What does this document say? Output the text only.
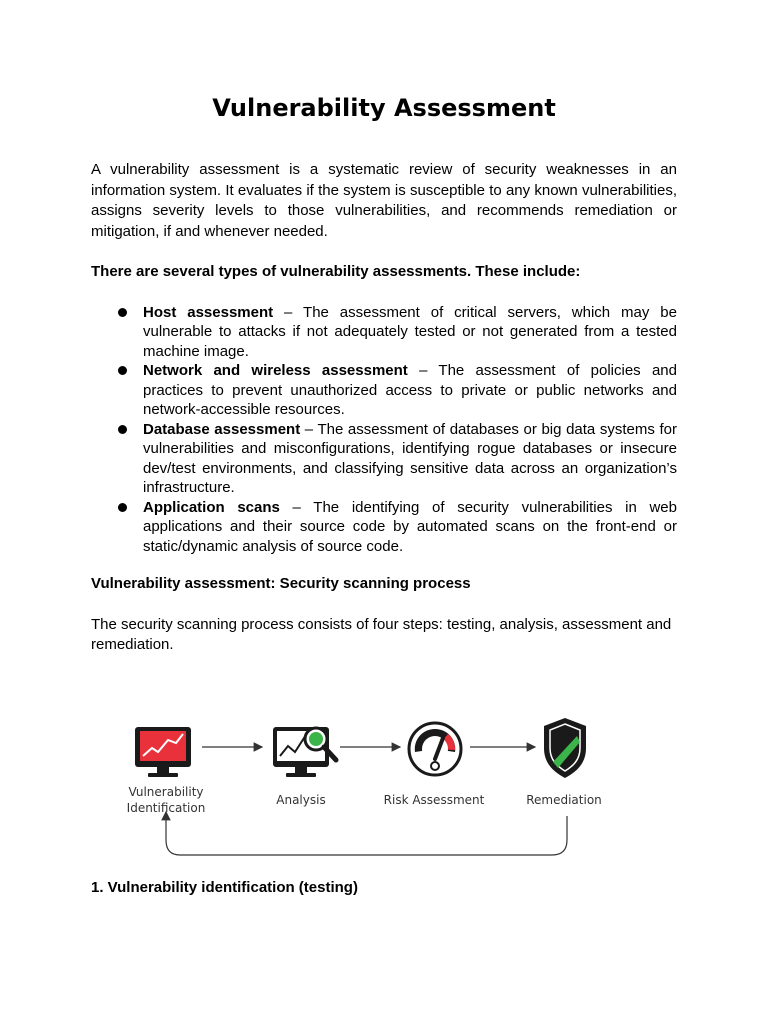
Vulnerability Assessment

A vulnerability assessment is a systematic review of security weaknesses in an information system. It evaluates if the system is susceptible to any known vulnerabilities, assigns severity levels to those vulnerabilities, and recommends remediation or mitigation, if and whenever needed.

There are several types of vulnerability assessments. These include:

Host assessment – The assessment of critical servers, which may be vulnerable to attacks if not adequately tested or not generated from a tested machine image.
Network and wireless assessment – The assessment of policies and practices to prevent unauthorized access to private or public networks and network-accessible resources.
Database assessment – The assessment of databases or big data systems for vulnerabilities and misconfigurations, identifying rogue databases or insecure dev/test environments, and classifying sensitive data across an organization’s infrastructure.
Application scans – The identifying of security vulnerabilities in web applications and their source code by automated scans on the front-end or static/dynamic analysis of source code.

Vulnerability assessment: Security scanning process

The security scanning process consists of four steps: testing, analysis, assessment and remediation.

Vulnerability
Identification
Analysis	Risk Assessment	Remediation

1. Vulnerability identification (testing)
